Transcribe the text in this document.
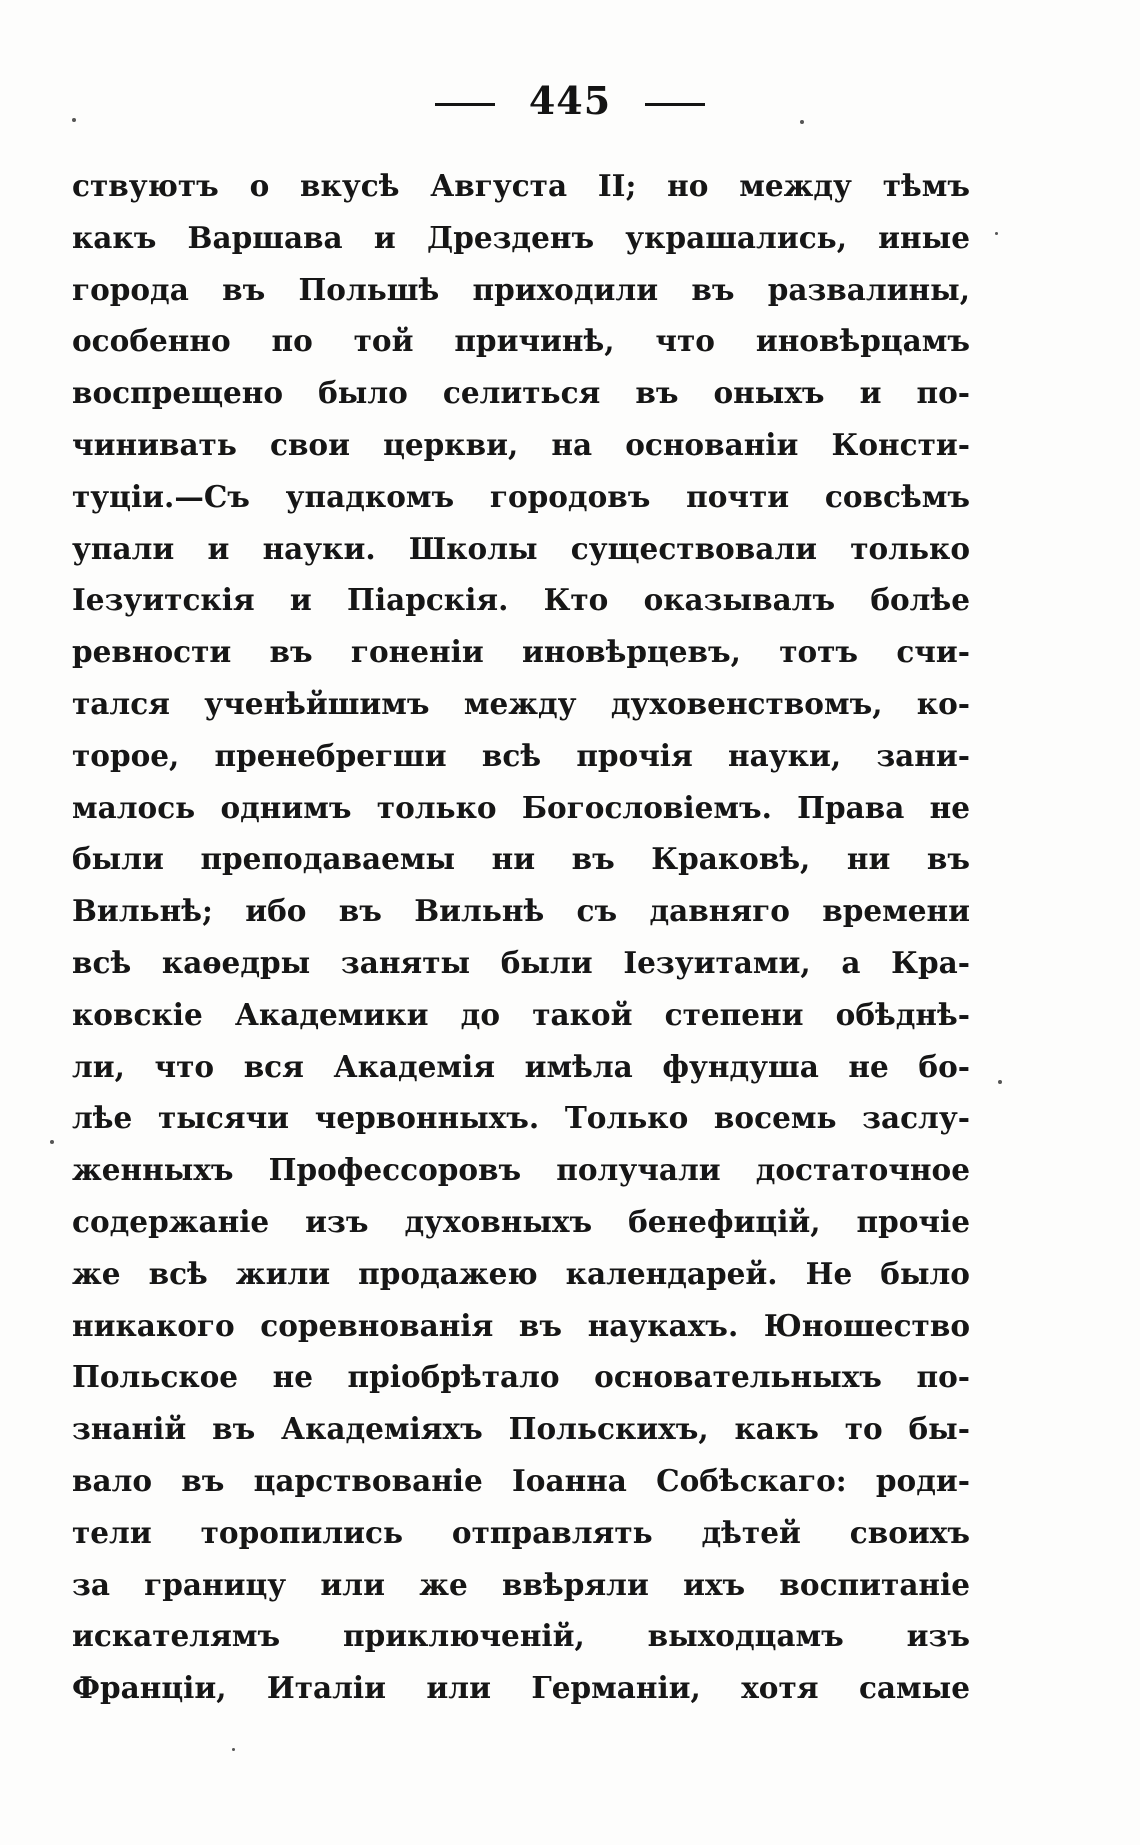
445
ствуютъ о вкусѣ Августа II; но между тѣмъ
какъ Варшава и Дрезденъ украшались, иные
города въ Польшѣ приходили въ развалины,
особенно по той причинѣ, что иновѣрцамъ
воспрещено было селиться въ оныхъ и по-
чинивать свои церкви, на основаніи Консти-
туціи.—Съ упадкомъ городовъ почти совсѣмъ
упали и науки. Школы существовали только
Іезуитскія и Піарскія. Кто оказывалъ болѣе
ревности въ гоненіи иновѣрцевъ, тотъ счи-
тался ученѣйшимъ между духовенствомъ, ко-
торое, пренебрегши всѣ прочія науки, зани-
малось однимъ только Богословіемъ. Права не
были преподаваемы ни въ Краковѣ, ни въ
Вильнѣ; ибо въ Вильнѣ съ давняго времени
всѣ каѳедры заняты были Іезуитами, а Кра-
ковскіе Академики до такой степени обѣднѣ-
ли, что вся Академія имѣла фундуша не бо-
лѣе тысячи червонныхъ. Только восемь заслу-
женныхъ Профессоровъ получали достаточное
содержаніе изъ духовныхъ бенефицій, прочіе
же всѣ жили продажею календарей. Не было
никакого соревнованія въ наукахъ. Юношество
Польское не пріобрѣтало основательныхъ по-
знаній въ Академіяхъ Польскихъ, какъ то бы-
вало въ царствованіе Іоанна Собѣскаго: роди-
тели торопились отправлять дѣтей своихъ
за границу или же ввѣряли ихъ воспитаніе
искателямъ приключеній, выходцамъ изъ
Франціи, Италіи или Германіи, хотя самые
